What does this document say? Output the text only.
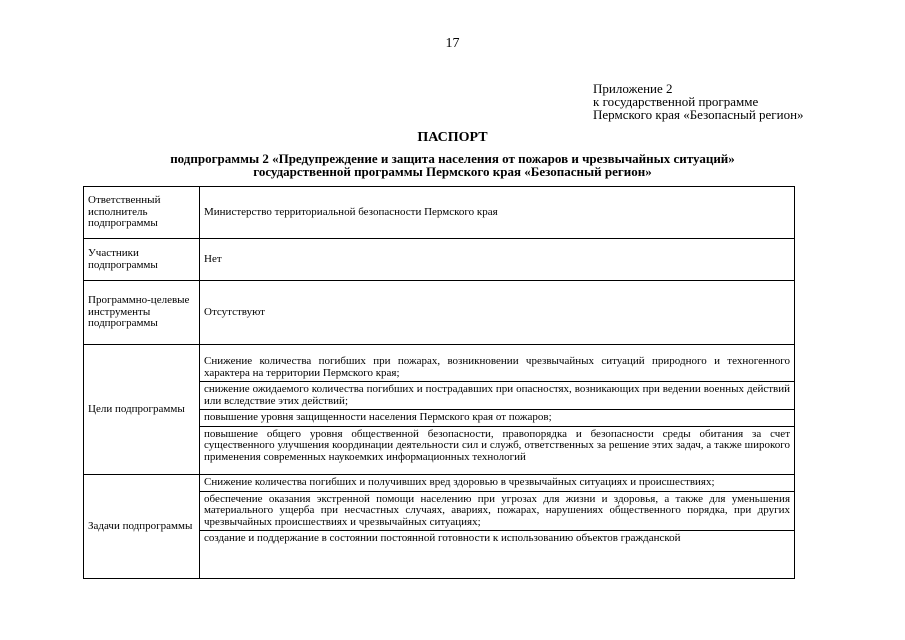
17
Приложение 2
к государственной программе
Пермского края «Безопасный регион»
ПАСПОРТ
подпрограммы 2 «Предупреждение и защита населения от пожаров и чрезвычайных ситуаций»
государственной программы Пермского края «Безопасный регион»
Ответственный исполнитель подпрограммы	Министерство территориальной безопасности Пермского края
Участники подпрограммы	Нет
Программно-целевые инструменты подпрограммы	Отсутствуют
Цели подпрограммы	Снижение количества погибших при пожарах, возникновении чрезвычайных ситуаций природного и техногенного характера на территории Пермского края;
снижение ожидаемого количества погибших и пострадавших при опасностях, возникающих при ведении военных действий или вследствие этих действий;
повышение уровня защищенности населения Пермского края от пожаров;
повышение общего уровня общественной безопасности, правопорядка и безопасности среды обитания за счет существенного улучшения координации деятельности сил и служб, ответственных за решение этих задач, а также широкого применения современных наукоемких информационных технологий

Задачи подпрограммы	Снижение количества погибших и получивших вред здоровью в чрезвычайных ситуациях и происшествиях;
обеспечение оказания экстренной помощи населению при угрозах для жизни и здоровья, а также для уменьшения материального ущерба при несчастных случаях, авариях, пожарах, нарушениях общественного порядка, при других чрезвычайных происшествиях и чрезвычайных ситуациях;
создание и поддержание в состоянии постоянной готовности к использованию объектов гражданской
